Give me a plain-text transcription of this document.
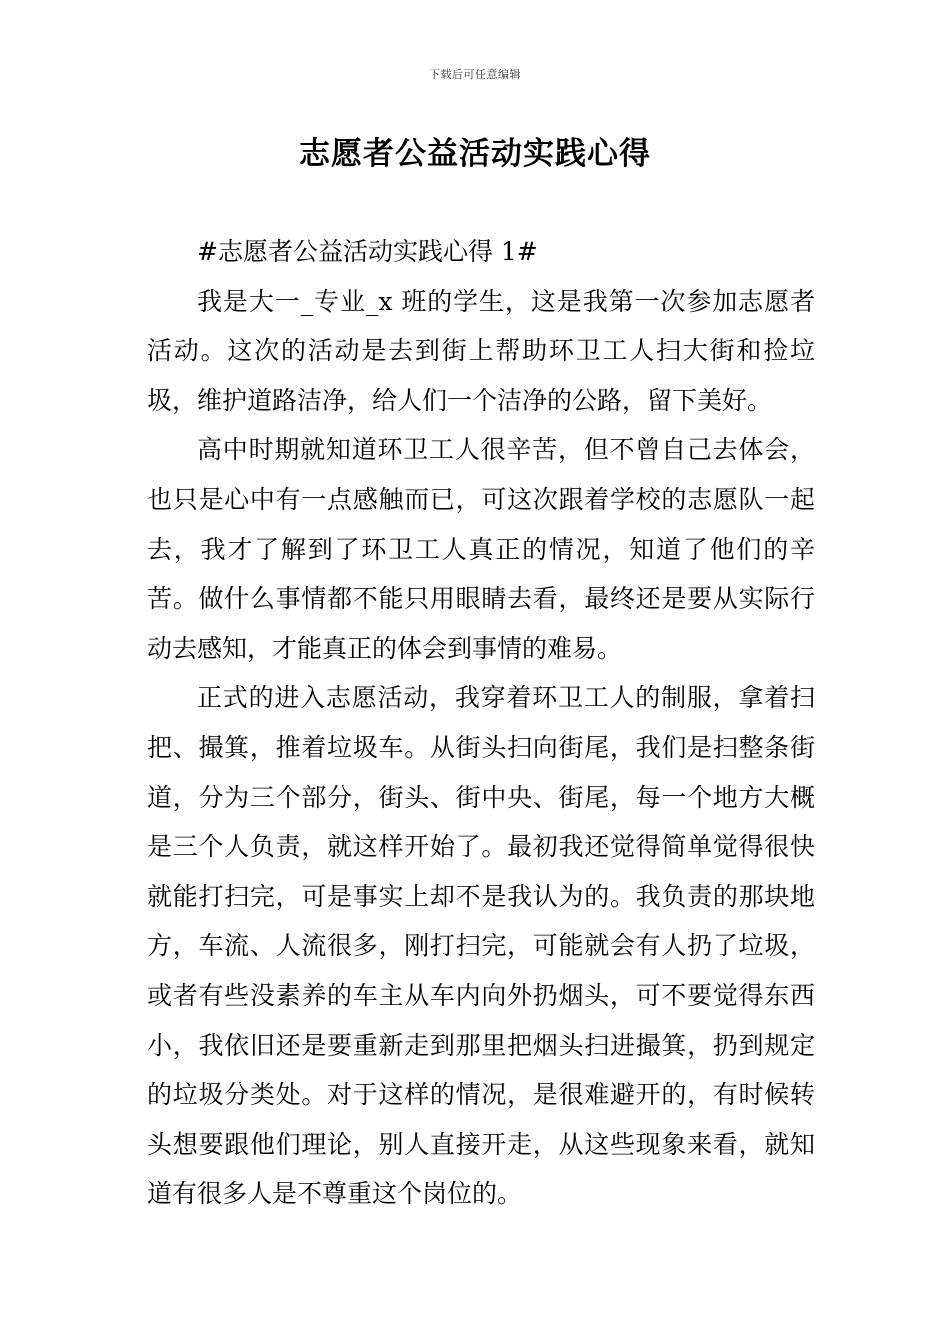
下载后可任意编辑
志愿者公益活动实践心得

#志愿者公益活动实践心得 1#

我是大一_专业_x 班的学生，这是我第一次参加志愿者活动。这次的活动是去到街上帮助环卫工人扫大街和捡垃圾，维护道路洁净，给人们一个洁净的公路，留下美好。

高中时期就知道环卫工人很辛苦，但不曾自己去体会，也只是心中有一点感触而已，可这次跟着学校的志愿队一起去，我才了解到了环卫工人真正的情况，知道了他们的辛苦。做什么事情都不能只用眼睛去看，最终还是要从实际行动去感知，才能真正的体会到事情的难易。

正式的进入志愿活动，我穿着环卫工人的制服，拿着扫把、撮箕，推着垃圾车。从街头扫向街尾，我们是扫整条街道，分为三个部分，街头、街中央、街尾，每一个地方大概是三个人负责，就这样开始了。最初我还觉得简单觉得很快就能打扫完，可是事实上却不是我认为的。我负责的那块地方，车流、人流很多，刚打扫完，可能就会有人扔了垃圾，或者有些没素养的车主从车内向外扔烟头，可不要觉得东西小，我依旧还是要重新走到那里把烟头扫进撮箕，扔到规定的垃圾分类处。对于这样的情况，是很难避开的，有时候转头想要跟他们理论，别人直接开走，从这些现象来看，就知道有很多人是不尊重这个岗位的。
